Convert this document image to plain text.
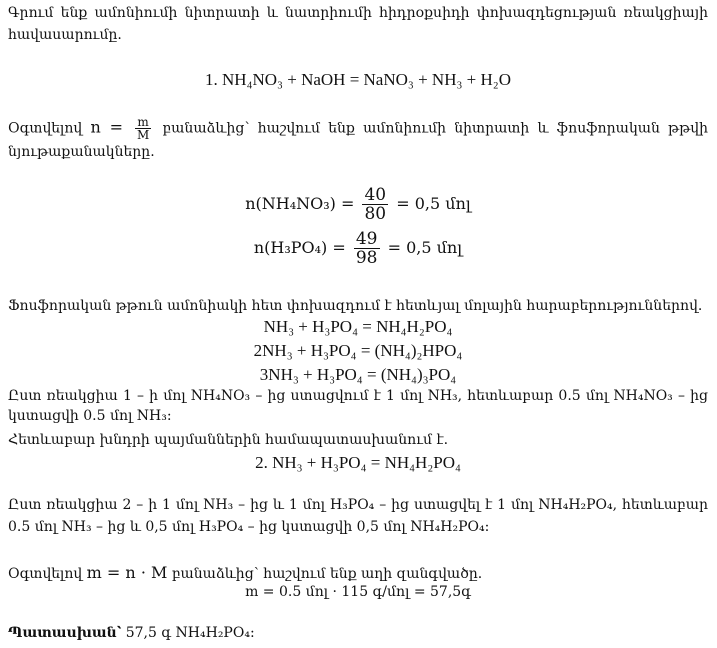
Գրում ենք ամոնիումի նիտրատի և նատրիումի հիդրօքսիդի փոխազդեցության ռեակցիայի հավասարումը.
1. NH₄NO₃ + NaOH = NaNO₃ + NH₃ + H₂O
Օգտվելով $n = \frac{m}{M}$ բանաձևից՝ հաշվում ենք ամոնիումի նիտրատի և ֆոսֆորական թթվի նյութաքանակները.
$n(NH_4NO_3) = \frac{40}{80} = 0,5$ մոլ
$n(H_3PO_4) = \frac{49}{98} = 0,5$ մոլ
Ֆոսֆորական թթուն ամոնիակի հետ փոխազդում է հետևյալ մոլային հարաբերություններով.
NH₃ + H₃PO₄ = NH₄H₂PO₄
2NH₃ + H₃PO₄ = (NH₄)₂HPO₄
3NH₃ + H₃PO₄ = (NH₄)₃PO₄
Ըստ ռեակցիա 1 – ի մոլ NH₄NO₃ – ից ստացվում է 1 մոլ NH₃, հետևաբար 0.5 մոլ NH₄NO₃ – ից կստացվի 0.5 մոլ NH₃:
Հետևաբար խնդրի պայմաններին համապատասխանում է.
2. NH₃ + H₃PO₄ = NH₄H₂PO₄
Ըստ ռեակցիա 2 – ի 1 մոլ NH₃ – ից և 1 մոլ H₃PO₄ – ից ստացվել է 1 մոլ NH₄H₂PO₄, հետևաբար 0.5 մոլ NH₃ – ից և 0,5 մոլ H₃PO₄ – ից կստացվի 0,5 մոլ NH₄H₂PO₄:
Օգտվելով m = n · M բանաձևից՝ հաշվում ենք աղի զանգվածը.
m = 0.5 մոլ · 115 գ/մոլ = 57,5գ
Պատասխան՝ 57,5 գ NH₄H₂PO₄:
